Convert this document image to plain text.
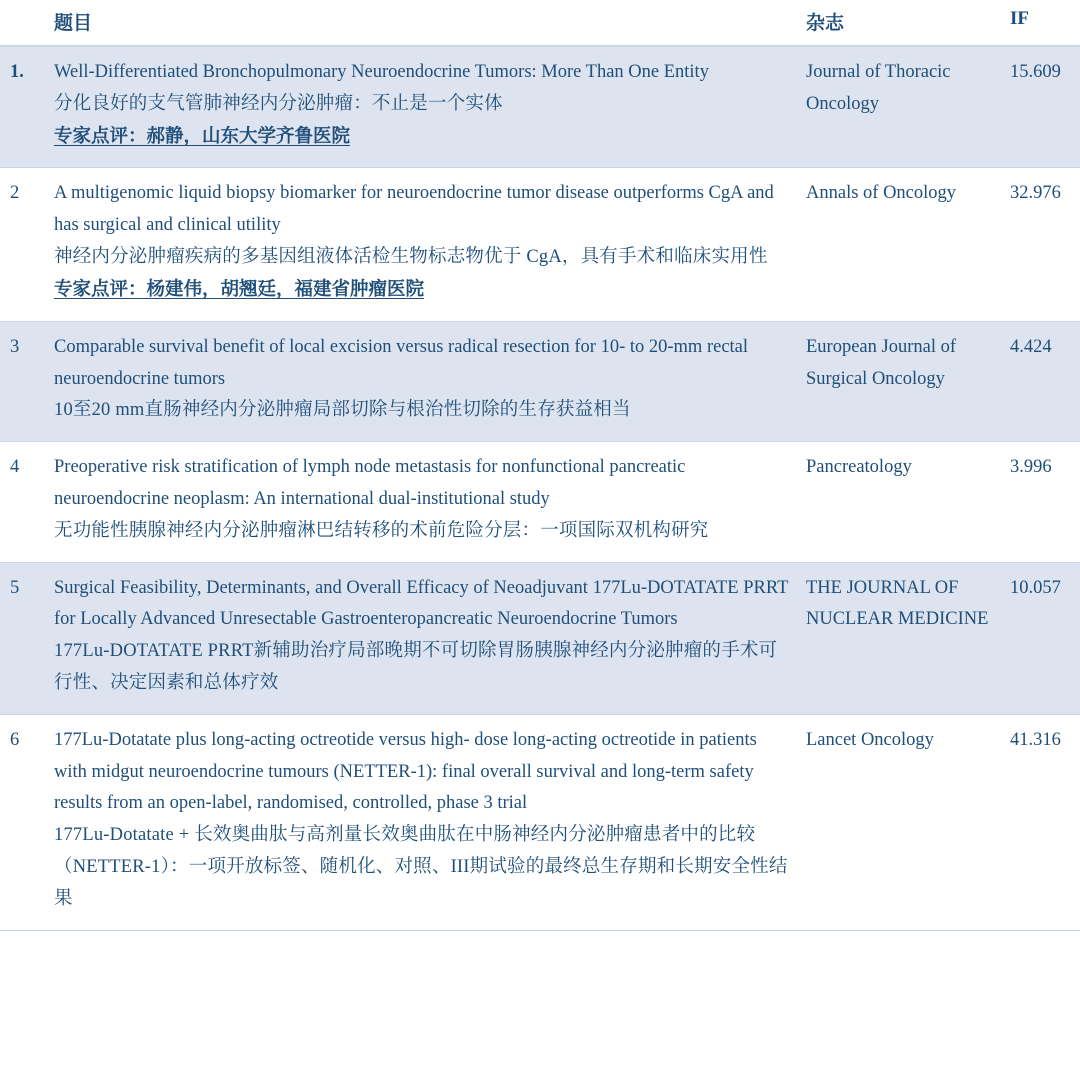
	题目	杂志	IF
1.	Well-Differentiated Bronchopulmonary Neuroendocrine Tumors: More Than One Entity
分化良好的支气管肺神经内分泌肿瘤：不止是一个实体
专家点评：郝静，山东大学齐鲁医院	Journal of Thoracic Oncology	15.609
2	A multigenomic liquid biopsy biomarker for neuroendocrine tumor disease outperforms CgA and has surgical and clinical utility
神经内分泌肿瘤疾病的多基因组液体活检生物标志物优于 CgA，具有手术和临床实用性
专家点评：杨建伟，胡翘廷，福建省肿瘤医院	Annals of Oncology	32.976
3	Comparable survival benefit of local excision versus radical resection for 10- to 20-mm rectal neuroendocrine tumors
10至20 mm直肠神经内分泌肿瘤局部切除与根治性切除的生存获益相当	European Journal of Surgical Oncology	4.424
4	Preoperative risk stratification of lymph node metastasis for nonfunctional pancreatic neuroendocrine neoplasm: An international dual-institutional study
无功能性胰腺神经内分泌肿瘤淋巴结转移的术前危险分层：一项国际双机构研究	Pancreatology	3.996
5	Surgical Feasibility, Determinants, and Overall Efficacy of Neoadjuvant 177Lu-DOTATATE PRRT for Locally Advanced Unresectable Gastroenteropancreatic Neuroendocrine Tumors
177Lu-DOTATATE PRRT新辅助治疗局部晚期不可切除胃肠胰腺神经内分泌肿瘤的手术可行性、决定因素和总体疗效	THE JOURNAL OF NUCLEAR MEDICINE	10.057
6	177Lu-Dotatate plus long-acting octreotide versus high- dose long-acting octreotide in patients with midgut neuroendocrine tumours (NETTER-1): final overall survival and long-term safety results from an open-label, randomised, controlled, phase 3 trial
177Lu-Dotatate + 长效奥曲肽与高剂量长效奥曲肽在中肠神经内分泌肿瘤患者中的比较（NETTER-1）：一项开放标签、随机化、对照、III期试验的最终总生存期和长期安全性结果	Lancet Oncology	41.316
